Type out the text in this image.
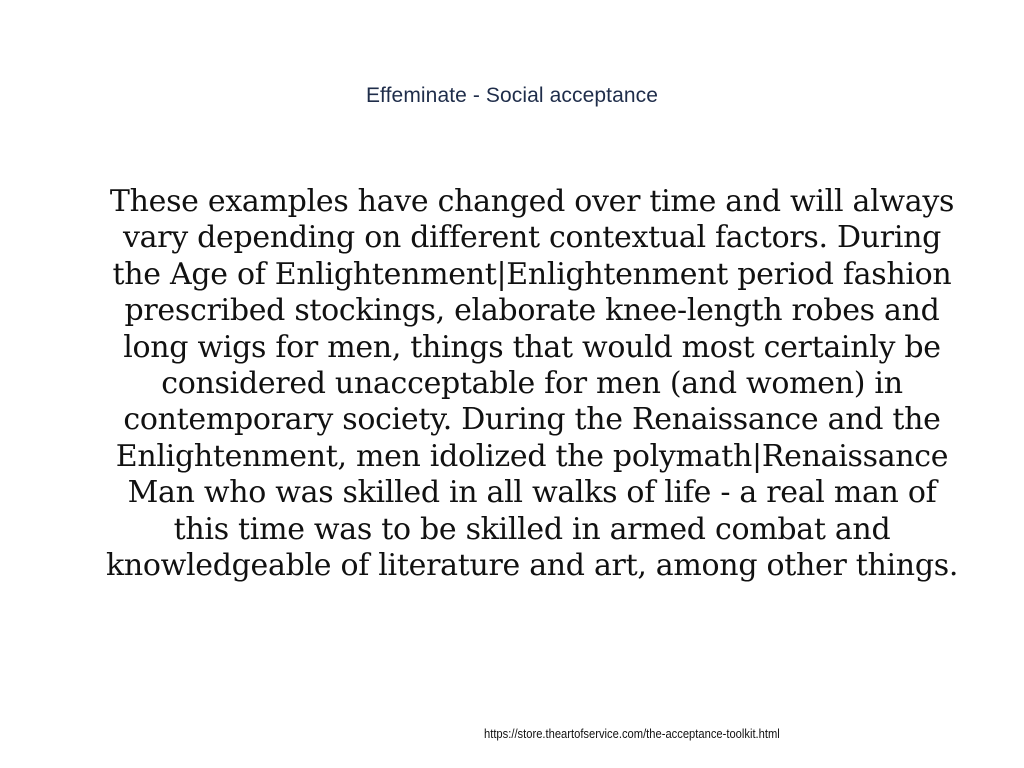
Effeminate - Social acceptance

These examples have changed over time and will always vary depending on different contextual factors. During the Age of Enlightenment|Enlightenment period fashion prescribed stockings, elaborate knee-length robes and long wigs for men, things that would most certainly be considered unacceptable for men (and women) in contemporary society. During the Renaissance and the Enlightenment, men idolized the polymath|Renaissance Man who was skilled in all walks of life - a real man of this time was to be skilled in armed combat and knowledgeable of literature and art, among other things.

https://store.theartofservice.com/the-acceptance-toolkit.html
